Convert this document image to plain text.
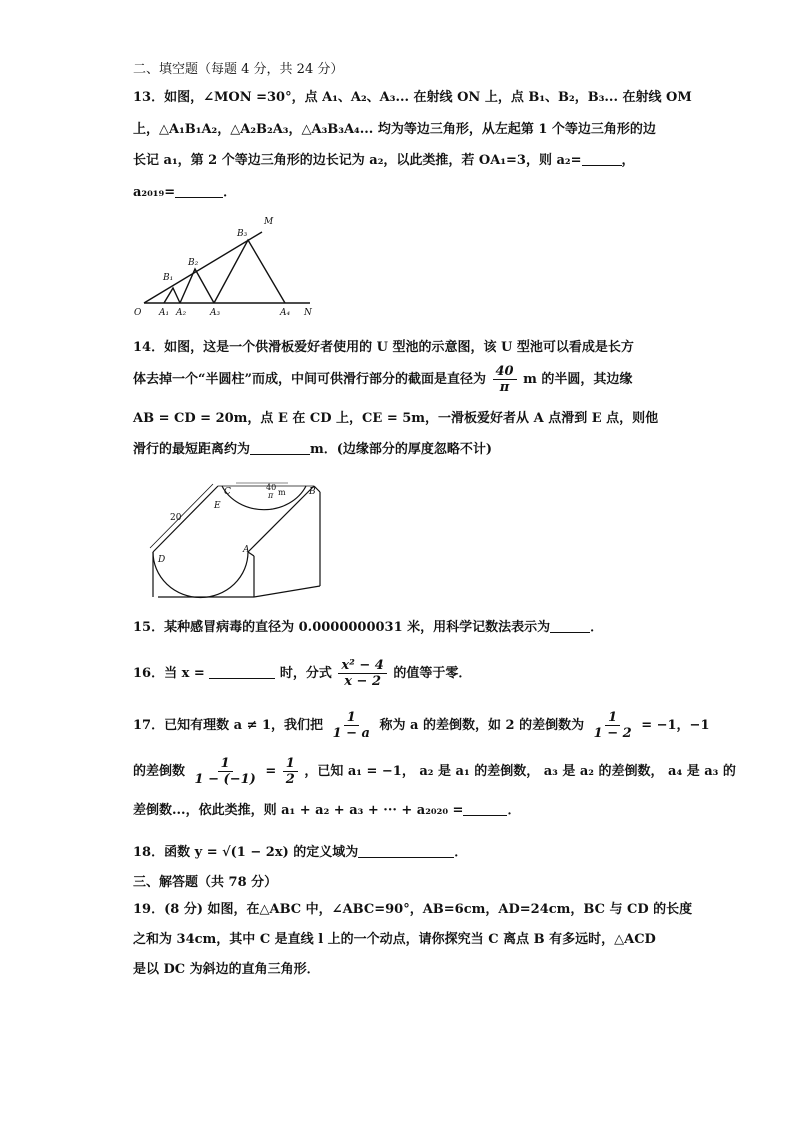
二、填空题（每题 4 分，共 24 分）
13．如图，∠MON =30°，点 A₁、A₂、A₃... 在射线 ON 上，点 B₁、B₂，B₃... 在射线 OM
上，△A₁B₁A₂，△A₂B₂A₃，△A₃B₃A₄... 均为等边三角形，从左起第 1 个等边三角形的边
长记 a₁，第 2 个等边三角形的边长记为 a₂，以此类推，若 OA₁=3，则 a₂=	，
a₂₀₁₉=	．
O A₁ A₂	A₃	A₄ N
B₁
B₂
B₃
M
14．如图，这是一个供滑板爱好者使用的 U 型池的示意图，该 U 型池可以看成是长方
体去掉一个“半圆柱”而成，中间可供滑行部分的截面是直径为 $\frac{40}{\pi}$ m 的半圆，其边缘
AB = CD = 20m，点 E 在 CD 上，CE = 5m，一滑板爱好者从 A 点滑到 E 点，则他
滑行的最短距离约为	m．(边缘部分的厚度忽略不计)
C	B
E
D
A
20
40
π m
15．某种感冒病毒的直径为 0.0000000031 米，用科学记数法表示为	．
16．当 x =	时，分式 $\frac{\text{x² − 4}}{x - 2}$ 的值等于零．
17．已知有理数 a ≠ 1，我们把 $\frac{1}{1 - a}$ 称为 a 的差倒数，如 2 的差倒数为 $\frac{1}{1 - 2} = -1$，−1
的差倒数 $\frac{1}{1 - (-1)} = \frac{1}{2}$ ，已知 a₁ = −1， a₂ 是 a₁ 的差倒数， a₃ 是 a₂ 的差倒数， a₄ 是 a₃ 的
差倒数...，依此类推，则 a₁ + a₂ + a₃ + ··· + a₂₀₂₀ =	．
18．函数 y = √(1 − 2x) 的定义域为	．
三、解答题（共 78 分）
19．(8 分) 如图，在△ABC 中，∠ABC=90°，AB=6cm，AD=24cm，BC 与 CD 的长度
之和为 34cm，其中 C 是直线 l 上的一个动点，请你探究当 C 离点 B 有多远时，△ACD
是以 DC 为斜边的直角三角形．
